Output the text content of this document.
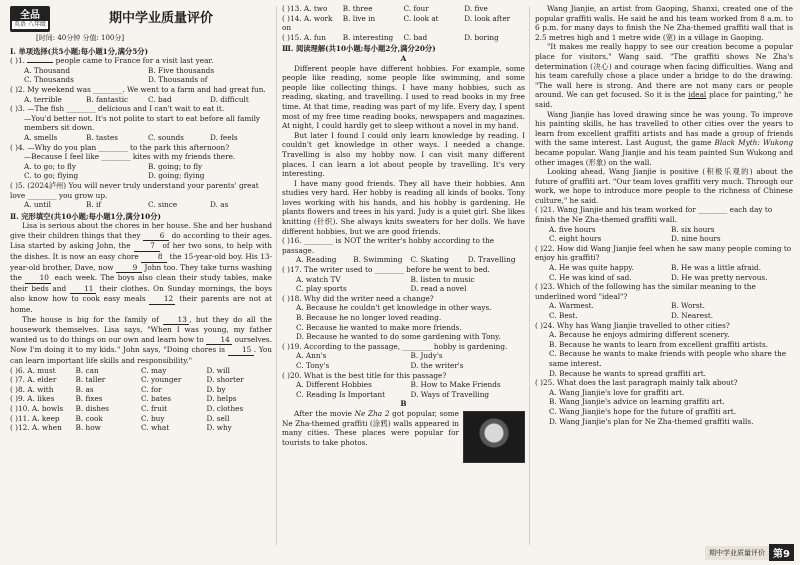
全品
英语 八年级	期中学业质量评价

[时间: 40分钟 分值: 100分]

Ⅰ. 单项选择(共5小题;每小题1分,满分5分)

( )1.	people came to France for a visit last year.

A. Thousand	B. Five thousands
C. Thousands	D. Thousands of

( )2. My weekend was ________. We went to a farm and had great fun.

A. terrible	B. fantastic	C. bad	D. difficult

( )3. —The fish ________ delicious and I can't wait to eat it.

—You'd better not. It's not polite to start to eat before all family members sit down.

A. smells	B. tastes	C. sounds	D. feels

( )4. —Why do you plan ________ to the park this afternoon?

—Because I feel like ________ kites with my friends there.

A. to go; to fly	B. going; to fly
C. to go; flying	D. going; flying

( )5. (2024泸州) You will never truly understand your parents' great love ________ you grow up.

A. until	B. if	C. since	D. as

Ⅱ. 完形填空(共10小题;每小题1分,满分10分)

Lisa is serious about the chores in her house. She and her husband give their children things that they 6 do according to their ages. Lisa started by asking John, the 7 of her two sons, to help with the dishes. It is now an easy chore 8 the 15-year-old boy. His 13-year-old brother, Dave, now 9 John too. They take turns washing the 10 each week. The boys also clean their study tables, make their beds and 11 their clothes. On Sunday mornings, the boys also know how to cook easy meals 12 their parents are not at home.

The house is big for the family of 13 , but they do all the housework themselves. Lisa says, "When I was young, my father wanted us to do things on our own and learn how to 14 ourselves. Now I'm doing it to my kids." John says, "Doing chores is 15 . You can learn important life skills and responsibility."

( )6. A. must	B. can	C. may	D. will
( )7. A. elder	B. taller	C. younger	D. shorter
( )8. A. with	B. as	C. for	D. by
( )9. A. likes	B. fixes	C. bates	D. helps
( )10. A. bowls	B. dishes	C. fruit	D. clothes
( )11. A. keep	B. cook	C. buy	D. sell
( )12. A. when	B. how	C. what	D. why
( )13. A. two	B. three	C. four	D. five
( )14. A. work on
B. live in	C. look at	D. look after
( )15. A. fun	B. interesting	C. bad	D. boring

Ⅲ. 阅读理解(共10小题;每小题2分,满分20分)

A

Different people have different hobbies. For example, some people like reading, some people like swimming, and some people like collecting things. I have many hobbies, such as reading, skating, and travelling. I used to read books in my free time. At that time, reading was part of my life. Every day, I spent most of my free time reading books, newspapers and magazines. At night, I could hardly get to sleep without a novel in my hand.

But later I found I could only learn knowledge by reading. I couldn't get knowledge in other ways. I needed a change. Travelling is also my hobby now. I can visit many different places. I can learn a lot about people by travelling. It's very interesting.

I have many good friends. They all have their hobbies. Ann studies very hard. Her hobby is reading all kinds of books. Tony loves working with his hands, and his hobby is gardening. He plants flowers and trees in his yard. Judy is a quiet girl. She likes knitting (针织). She always knits sweaters for her dolls. We have different hobbies, but we are good friends.

( )16. ________ is NOT the writer's hobby according to the passage.

A. Reading	B. Swimming	C. Skating	D. Travelling

( )17. The writer used to ________ before he went to bed.

A. watch TV	B. listen to music
C. play sports	D. read a novel

( )18. Why did the writer need a change?

A. Because he couldn't get knowledge in other ways.

B. Because he no longer loved reading.

C. Because he wanted to make more friends.

D. Because he wanted to do some gardening with Tony.

( )19. According to the passage, ________ hobby is gardening.

A. Ann's	B. Judy's
C. Tony's	D. the writer's

( )20. What is the best title for this passage?

A. Different Hobbies	B. How to Make Friends
C. Reading Is Important	D. Ways of Travelling

B

After the movie Ne Zha 2 got popular, some Ne Zha-themed graffiti (涂鸦) walls appeared in many cities. These places were popular for tourists to take photos.

Wang Jianjie, an artist from Gaoping, Shanxi, created one of the popular graffiti walls. He said he and his team worked from 8 a.m. to 6 p.m. for many days to finish the Ne Zha-themed graffiti wall that is 2.5 metres high and 1 metre wide (宽) in a village in Gaoping.

"It makes me really happy to see our creation become a popular place for visitors," Wang said. "The graffiti shows Ne Zha's determination (决心) and courage when facing difficulties. Wang and his team carefully chose a place under a bridge to do the drawing. "The wall here is strong. And there are not many cars or people around. We can get focused. So it is the ideal place for painting," he said.

Wang Jianjie has loved drawing since he was young. To improve his painting skills, he has travelled to other cities over the years to learn from excellent graffiti artists and has made a group of friends with the same interest. Last August, the game Black Myth: Wukong became popular. Wang Jianjie and his team painted Sun Wukong and other images (形象) on the wall.

Looking ahead, Wang Jianjie is positive (积极乐观的) about the future of graffiti art. "Our team loves graffiti very much. Through our work, we hope to introduce more people to the richness of Chinese culture," he said.

( )21. Wang Jianjie and his team worked for ________ each day to finish the Ne Zha-themed graffiti wall.

A. five hours	B. six hours
C. eight hours	D. nine hours

( )22. How did Wang Jianjie feel when he saw many people coming to enjoy his graffiti?

A. He was quite happy.	B. He was a little afraid.
C. He was kind of sad.	D. He was pretty nervous.

( )23. Which of the following has the similar meaning to the underlined word "ideal"?

A. Warmest.	B. Worst.
C. Best.	D. Nearest.

( )24. Why has Wang Jianjie travelled to other cities?

A. Because he enjoys admiring different scenery.

B. Because he wants to learn from excellent graffiti artists.

C. Because he wants to make friends with people who share the same interest.

D. Because he wants to spread graffiti art.

( )25. What does the last paragraph mainly talk about?

A. Wang Jianjie's love for graffiti art.

B. Wang Jianjie's advice on learning graffiti art.

C. Wang Jianjie's hope for the future of graffiti art.

D. Wang Jianjie's plan for Ne Zha-themed graffiti walls.

期中学业质量评价 第9
